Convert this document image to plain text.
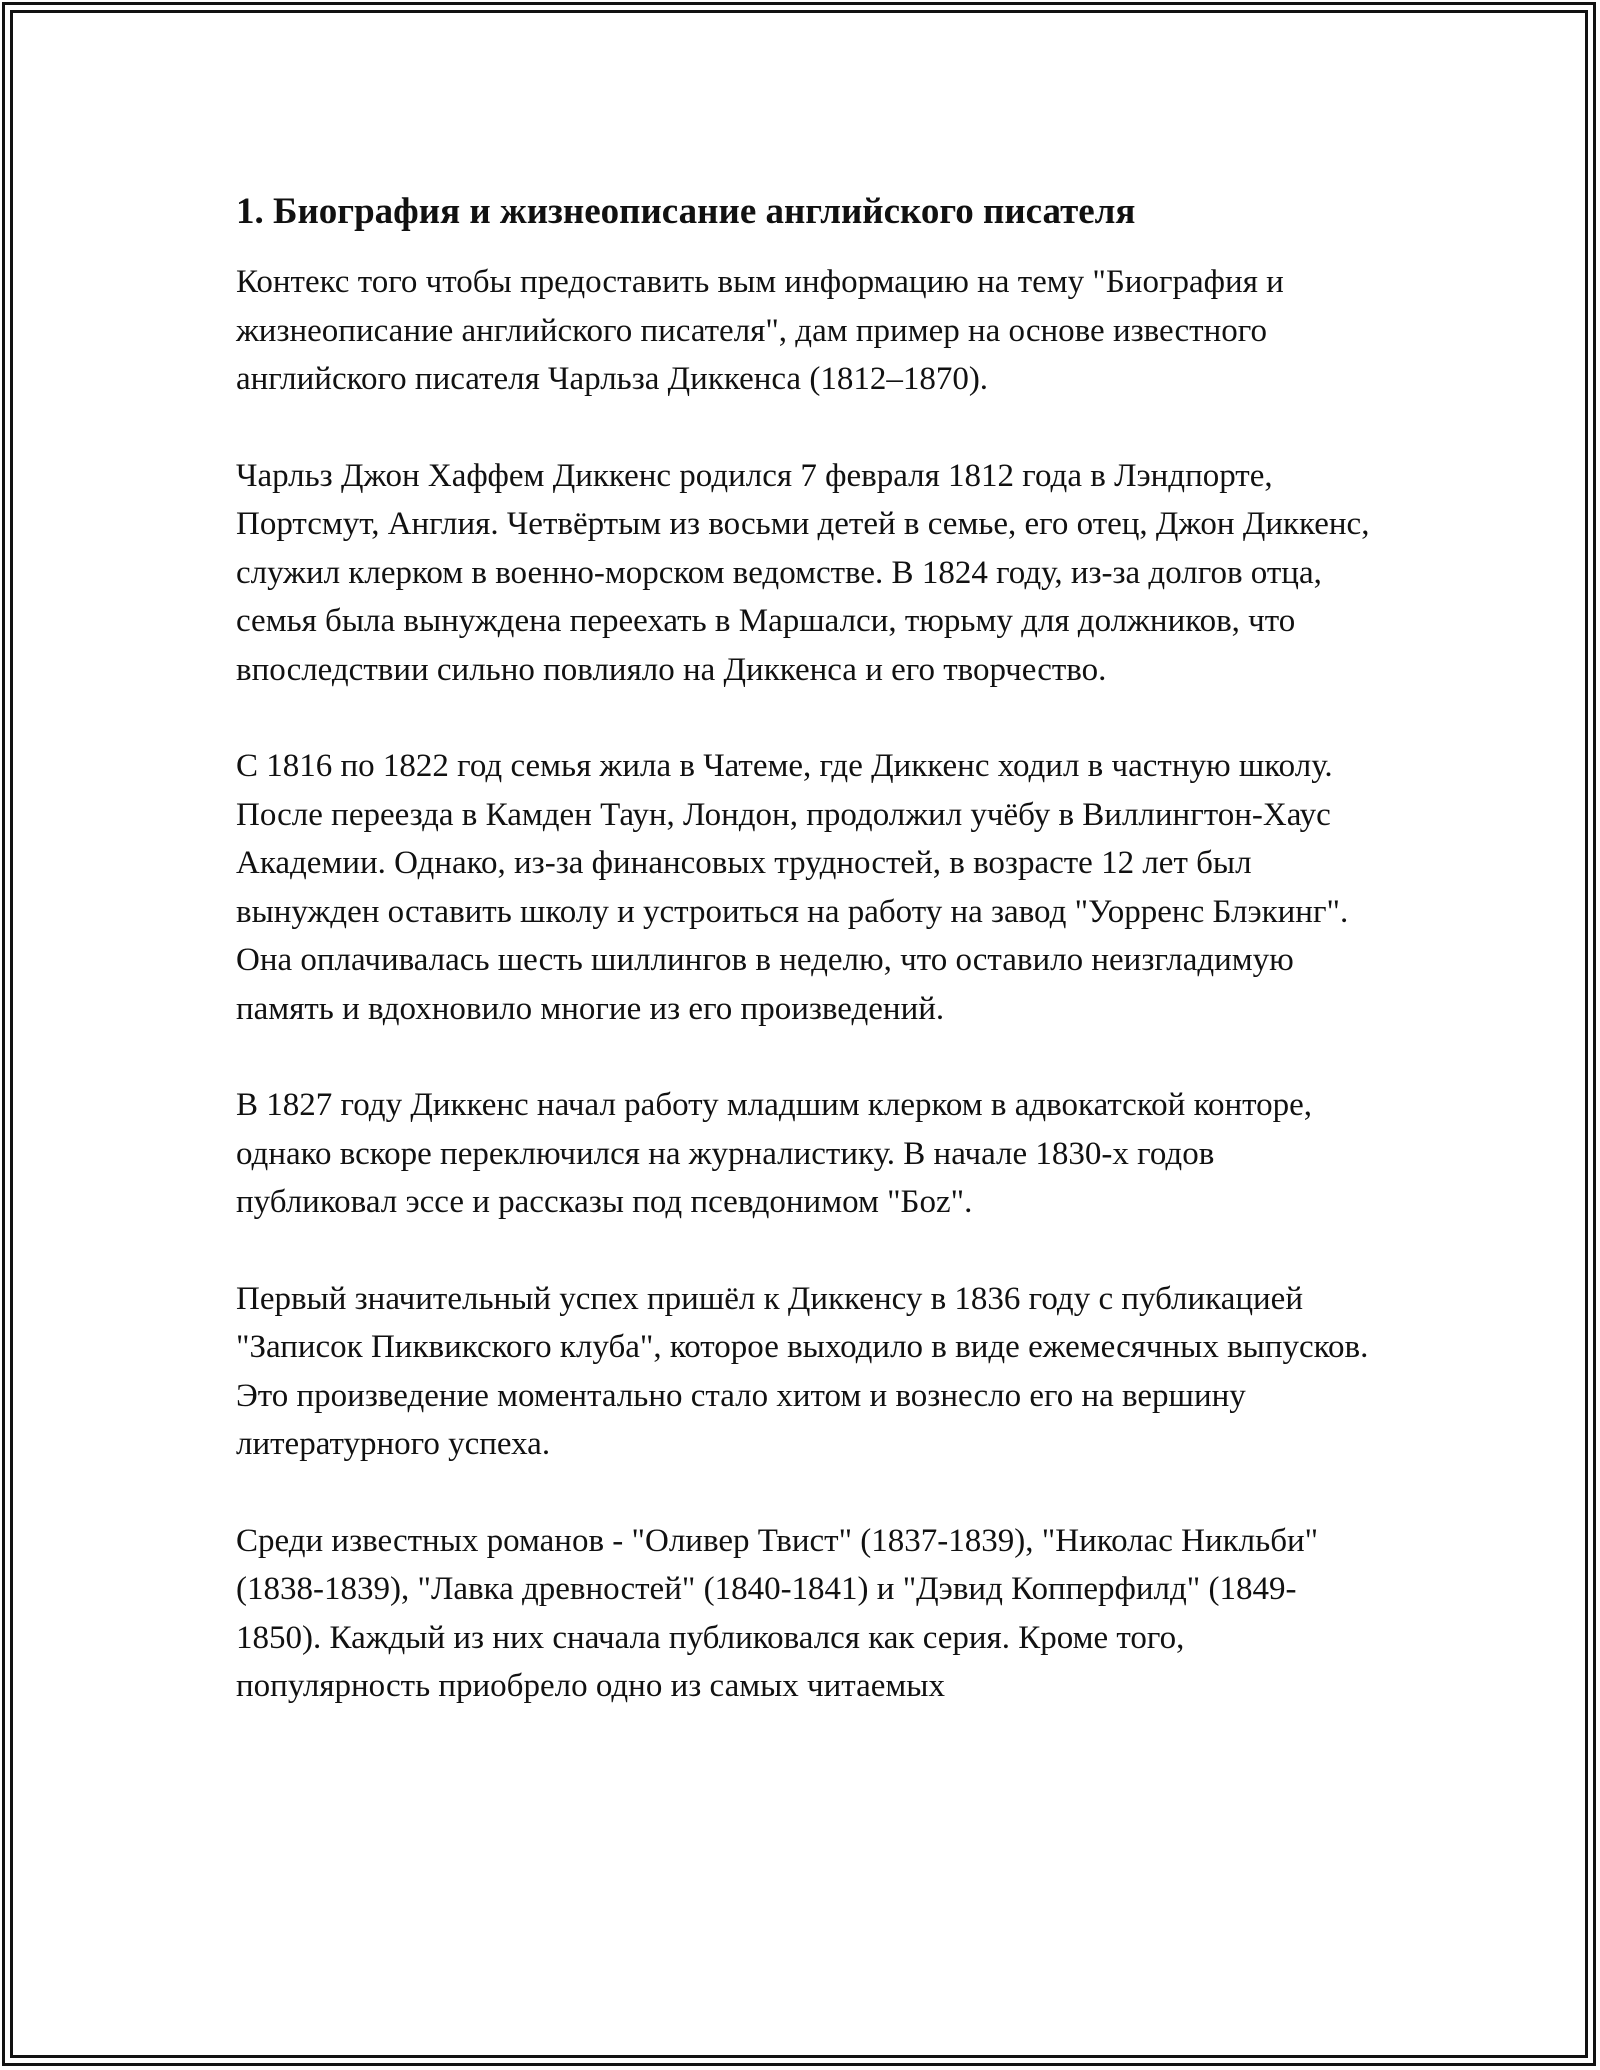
1. Биография и жизнеописание английского писателя

Контекс того чтобы предоставить вым информацию на тему "Биография и жизнеописание английского писателя", дам пример на основе известного английского писателя Чарльза Диккенса (1812–1870).

Чарльз Джон Хаффем Диккенс родился 7 февраля 1812 года в Лэндпорте, Портсмут, Англия. Четвёртым из восьми детей в семье, его отец, Джон Диккенс, служил клерком в военно-морском ведомстве. В 1824 году, из-за долгов отца, семья была вынуждена переехать в Маршалси, тюрьму для должников, что впоследствии сильно повлияло на Диккенса и его творчество.

С 1816 по 1822 год семья жила в Чатеме, где Диккенс ходил в частную школу. После переезда в Камден Таун, Лондон, продолжил учёбу в Виллингтон-Хаус Академии. Однако, из-за финансовых трудностей, в возрасте 12 лет был вынужден оставить школу и устроиться на работу на завод "Уорренс Блэкинг". Она оплачивалась шесть шиллингов в неделю, что оставило неизгладимую память и вдохновило многие из его произведений.

В 1827 году Диккенс начал работу младшим клерком в адвокатской конторе, однако вскоре переключился на журналистику. В начале 1830-х годов публиковал эссе и рассказы под псевдонимом "Боz".

Первый значительный успех пришёл к Диккенсу в 1836 году с публикацией "Записок Пиквикского клуба", которое выходило в виде ежемесячных выпусков. Это произведение моментально стало хитом и вознесло его на вершину литературного успеха.

Среди известных романов - "Оливер Твист" (1837-1839), "Николас Никльби" (1838-1839), "Лавка древностей" (1840-1841) и "Дэвид Копперфилд" (1849-1850). Каждый из них сначала публиковался как серия. Кроме того, популярность приобрело одно из самых читаемых
